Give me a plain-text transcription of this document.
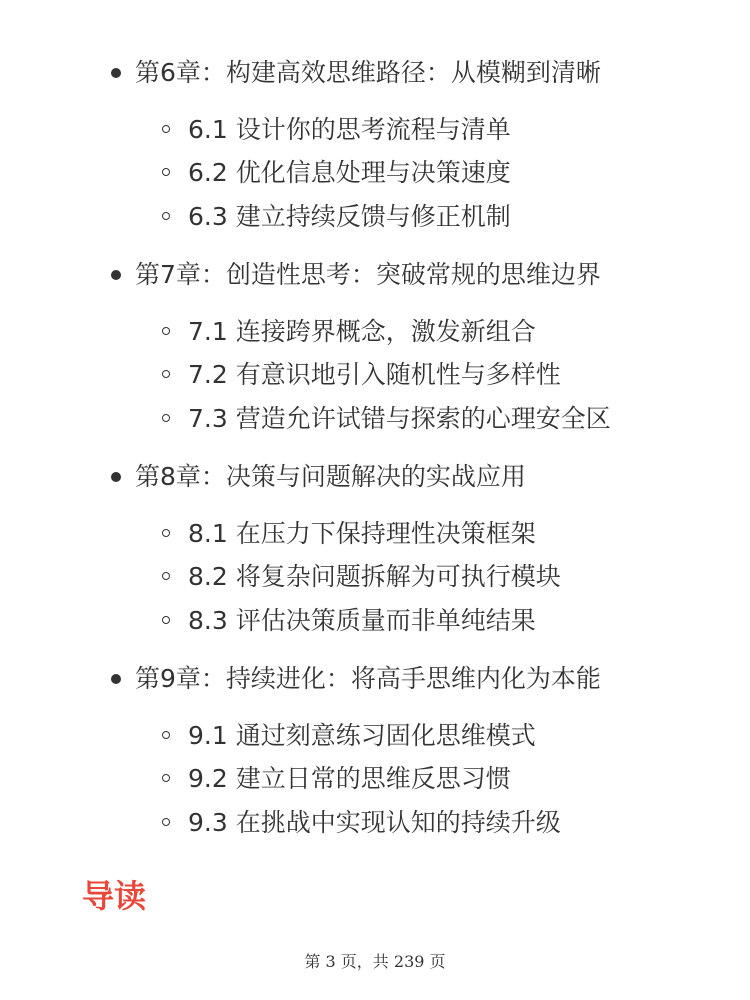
第6章：构建高效思维路径：从模糊到清晰
6.1 设计你的思考流程与清单
6.2 优化信息处理与决策速度
6.3 建立持续反馈与修正机制
第7章：创造性思考：突破常规的思维边界
7.1 连接跨界概念，激发新组合
7.2 有意识地引入随机性与多样性
7.3 营造允许试错与探索的心理安全区
第8章：决策与问题解决的实战应用
8.1 在压力下保持理性决策框架
8.2 将复杂问题拆解为可执行模块
8.3 评估决策质量而非单纯结果
第9章：持续进化：将高手思维内化为本能
9.1 通过刻意练习固化思维模式
9.2 建立日常的思维反思习惯
9.3 在挑战中实现认知的持续升级
导读
第 3 页，共 239 页
